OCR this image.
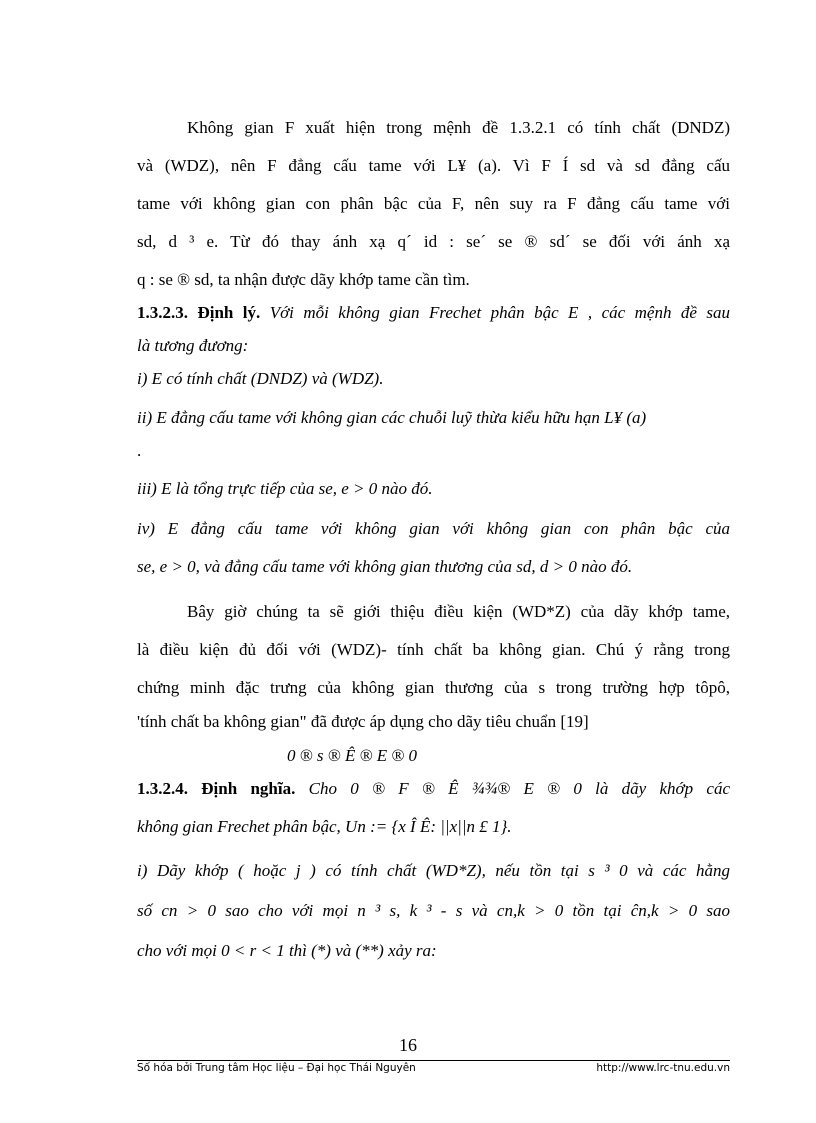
Không gian F xuất hiện trong mệnh đề 1.3.2.1 có tính chất (DNDZ)
và (WDZ), nên F đẳng cấu tame với L¥ (a). Vì F Í sd và sd đẳng cấu
tame với không gian con phân bậc của F, nên suy ra F đẳng cấu tame với
sd, d ³ e. Từ đó thay ánh xạ q´ id : se´ se ® sd´ se đối với ánh xạ
q : se ® sd, ta nhận được dãy khớp tame cần tìm.
1.3.2.3. Định lý. Với mỗi không gian Frechet phân bậc E , các mệnh đề sau
là tương đương:
i) E có tính chất (DNDZ) và (WDZ).
ii) E đẳng cấu tame với không gian các chuỗi luỹ thừa kiểu hữu hạn L¥ (a)
.
iii) E là tổng trực tiếp của se, e > 0 nào đó.
iv) E đẳng cấu tame với không gian với không gian con phân bậc của
se, e > 0, và đẳng cấu tame với không gian thương của sd, d > 0 nào đó.
Bây giờ chúng ta sẽ giới thiệu điều kiện (WD*Z) của dãy khớp tame,
là điều kiện đủ đối với (WDZ)- tính chất ba không gian. Chú ý rằng trong
chứng minh đặc trưng của không gian thương của s trong trường hợp tôpô,
'tính chất ba không gian" đã được áp dụng cho dãy tiêu chuẩn [19]
0 ® s ® Ê ® E ® 0
1.3.2.4. Định nghĩa. Cho 0 ® F ® Ê ¾¾® E ® 0 là dãy khớp các
không gian Frechet phân bậc, Un := {x Î Ê: ||x||n £ 1}.
i) Dãy khớp ( hoặc j ) có tính chất (WD*Z), nếu tồn tại s ³ 0 và các hằng
số cn > 0 sao cho với mọi n ³ s, k ³ - s và cn,k > 0 tồn tại ĉn,k > 0 sao
cho với mọi 0 < r < 1 thì (*) và (**) xảy ra:
16
Số hóa bởi Trung tâm Học liệu – Đại học Thái Nguyên	http://www.lrc-tnu.edu.vn
